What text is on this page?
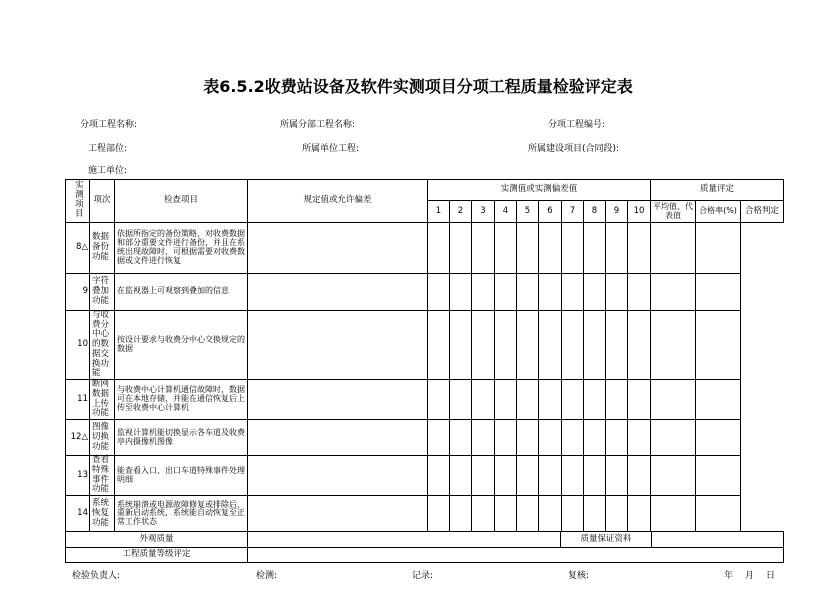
表6.5.2收费站设备及软件实测项目分项工程质量检验评定表
分项工程名称:	所属分部工程名称:	分项工程编号:
工程部位:	所属单位工程:	所属建设项目(合同段):
施工单位:
实测项目	项次	检查项目	规定值或允许偏差	实测值或实测偏差值										质量评定		
				1	2	3	4	5	6	7	8	9	10	平均值、代表值	合格率(%)	合格判定
8△	数据备份功能	依据所指定的备份策略，对收费数据和部分重要文件进行备份，并且在系统出现故障时，可根据需要对收费数据或文件进行恢复														
9	字符叠加功能	在监视器上可观察到叠加的信息														
10	与收费分中心的数据交换功能	按设计要求与收费分中心交换规定的数据														
11	断网数据上传功能	与收费中心计算机通信故障时，数据可在本地存储，并能在通信恢复后上传至收费中心计算机														
12△	图像切换功能	监视计算机能切换显示各车道及收费亭内摄像机图像														
13	查看特殊事件功能	能查看入口、出口车道特殊事件处理明细														
14	系统恢复功能	系统崩溃或电源故障修复或排除后，重新启动系统，系统能自动恢复至正常工作状态														
外观质量			质量保证资料													

工程质量等级评定																
检验负责人:	检测:	记录:	复核:	年 月 日
